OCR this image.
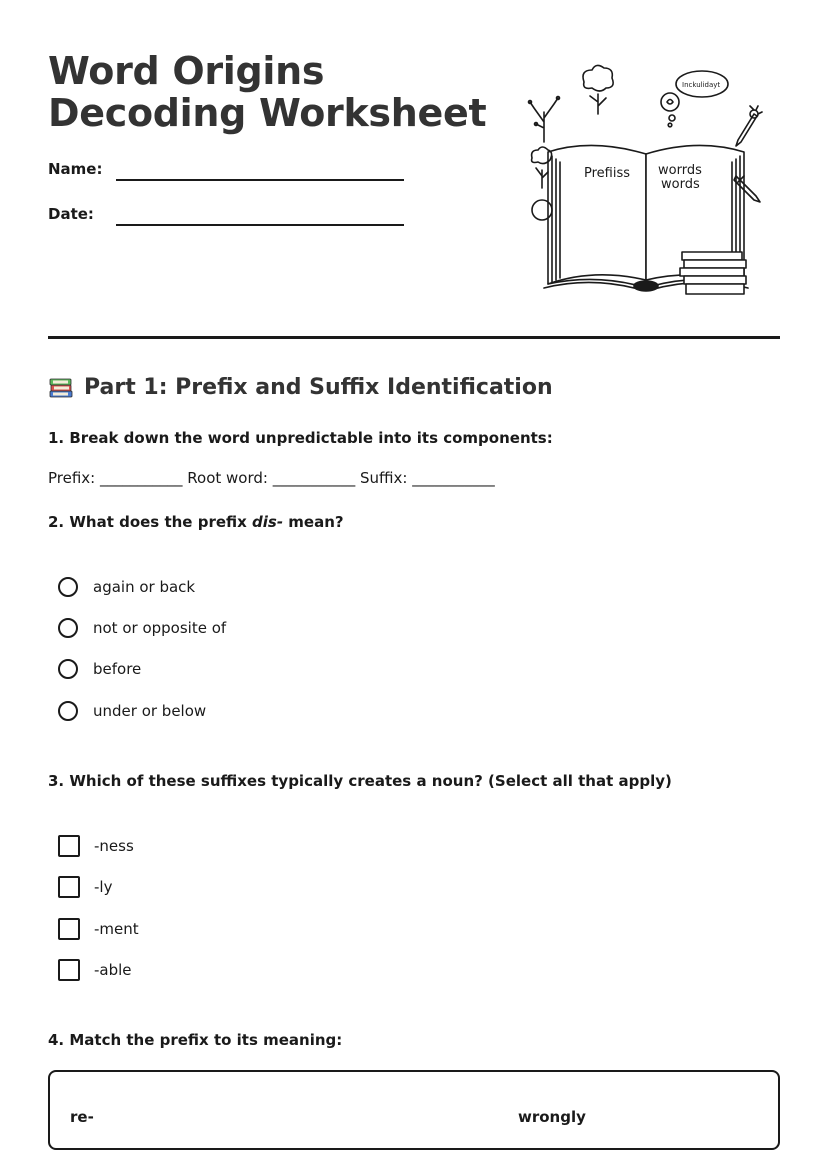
Word Origins Decoding Worksheet
Name:
Date:
Prefiiss worrds
words
Inckulidayt
Part 1: Prefix and Suffix Identification
1. Break down the word unpredictable into its components:
Prefix: ___________ Root word: ___________ Suffix: ___________
2. What does the prefix dis- mean?
again or back
not or opposite of
before
under or below
3. Which of these suffixes typically creates a noun? (Select all that apply)
-ness
-ly
-ment
-able
4. Match the prefix to its meaning:
re-	wrongly
